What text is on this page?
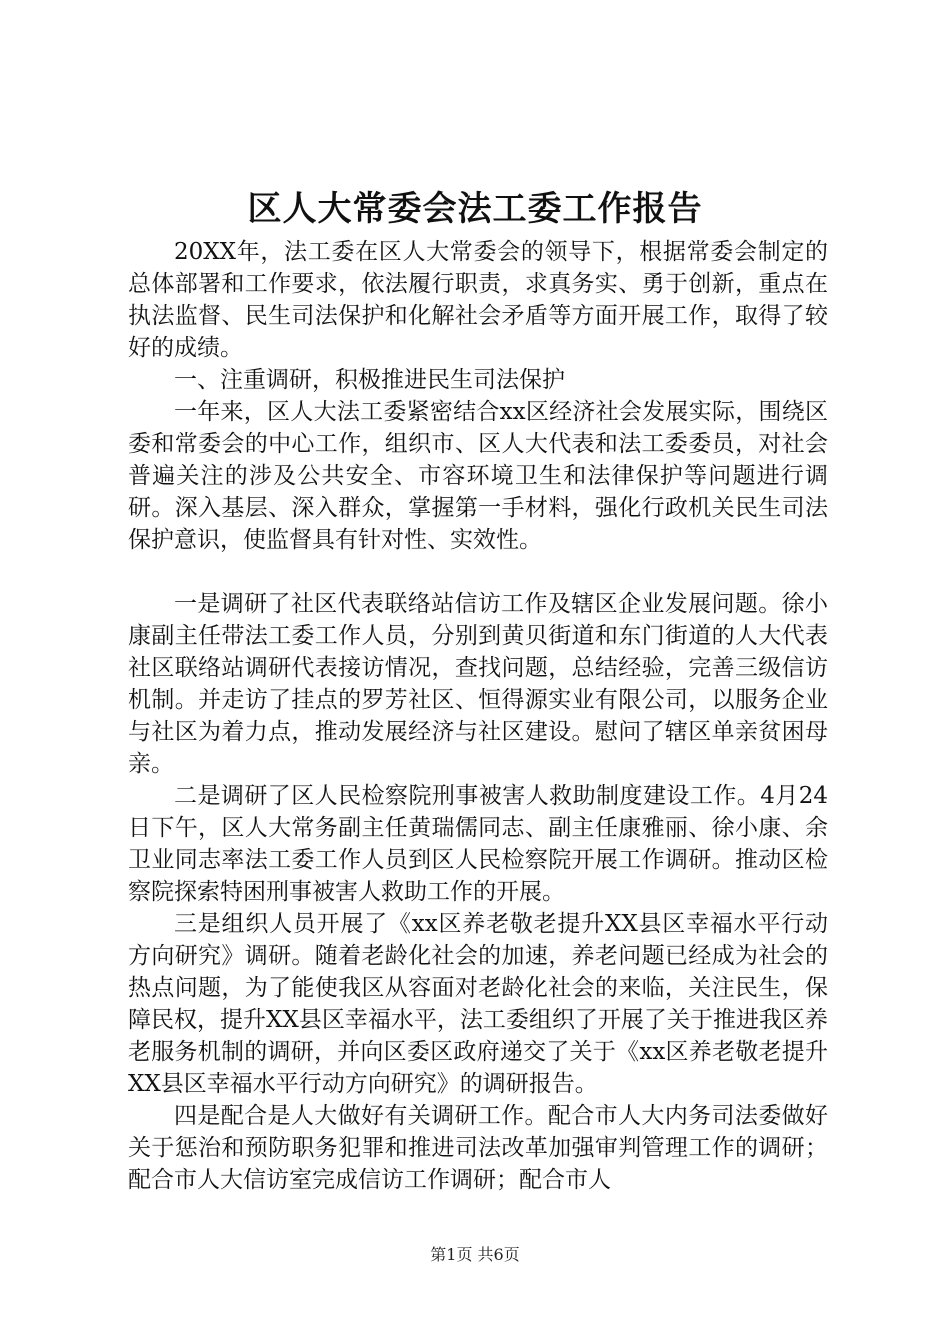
区人大常委会法工委工作报告

20XX年，法工委在区人大常委会的领导下，根据常委会制定的总体部署和工作要求，依法履行职责，求真务实、勇于创新，重点在执法监督、民生司法保护和化解社会矛盾等方面开展工作，取得了较好的成绩。

一、注重调研，积极推进民生司法保护

一年来，区人大法工委紧密结合xx区经济社会发展实际，围绕区委和常委会的中心工作，组织市、区人大代表和法工委委员，对社会普遍关注的涉及公共安全、市容环境卫生和法律保护等问题进行调研。深入基层、深入群众，掌握第一手材料，强化行政机关民生司法保护意识，使监督具有针对性、实效性。

一是调研了社区代表联络站信访工作及辖区企业发展问题。徐小康副主任带法工委工作人员，分别到黄贝街道和东门街道的人大代表社区联络站调研代表接访情况，查找问题，总结经验，完善三级信访机制。并走访了挂点的罗芳社区、恒得源实业有限公司，以服务企业与社区为着力点，推动发展经济与社区建设。慰问了辖区单亲贫困母亲。

二是调研了区人民检察院刑事被害人救助制度建设工作。4月24日下午，区人大常务副主任黄瑞儒同志、副主任康雅丽、徐小康、余卫业同志率法工委工作人员到区人民检察院开展工作调研。推动区检察院探索特困刑事被害人救助工作的开展。

三是组织人员开展了《xx区养老敬老提升XX县区幸福水平行动方向研究》调研。随着老龄化社会的加速，养老问题已经成为社会的热点问题，为了能使我区从容面对老龄化社会的来临，关注民生，保障民权，提升XX县区幸福水平，法工委组织了开展了关于推进我区养老服务机制的调研，并向区委区政府递交了关于《xx区养老敬老提升XX县区幸福水平行动方向研究》的调研报告。

四是配合是人大做好有关调研工作。配合市人大内务司法委做好关于惩治和预防职务犯罪和推进司法改革加强审判管理工作的调研；配合市人大信访室完成信访工作调研；配合市人

第1页 共6页
